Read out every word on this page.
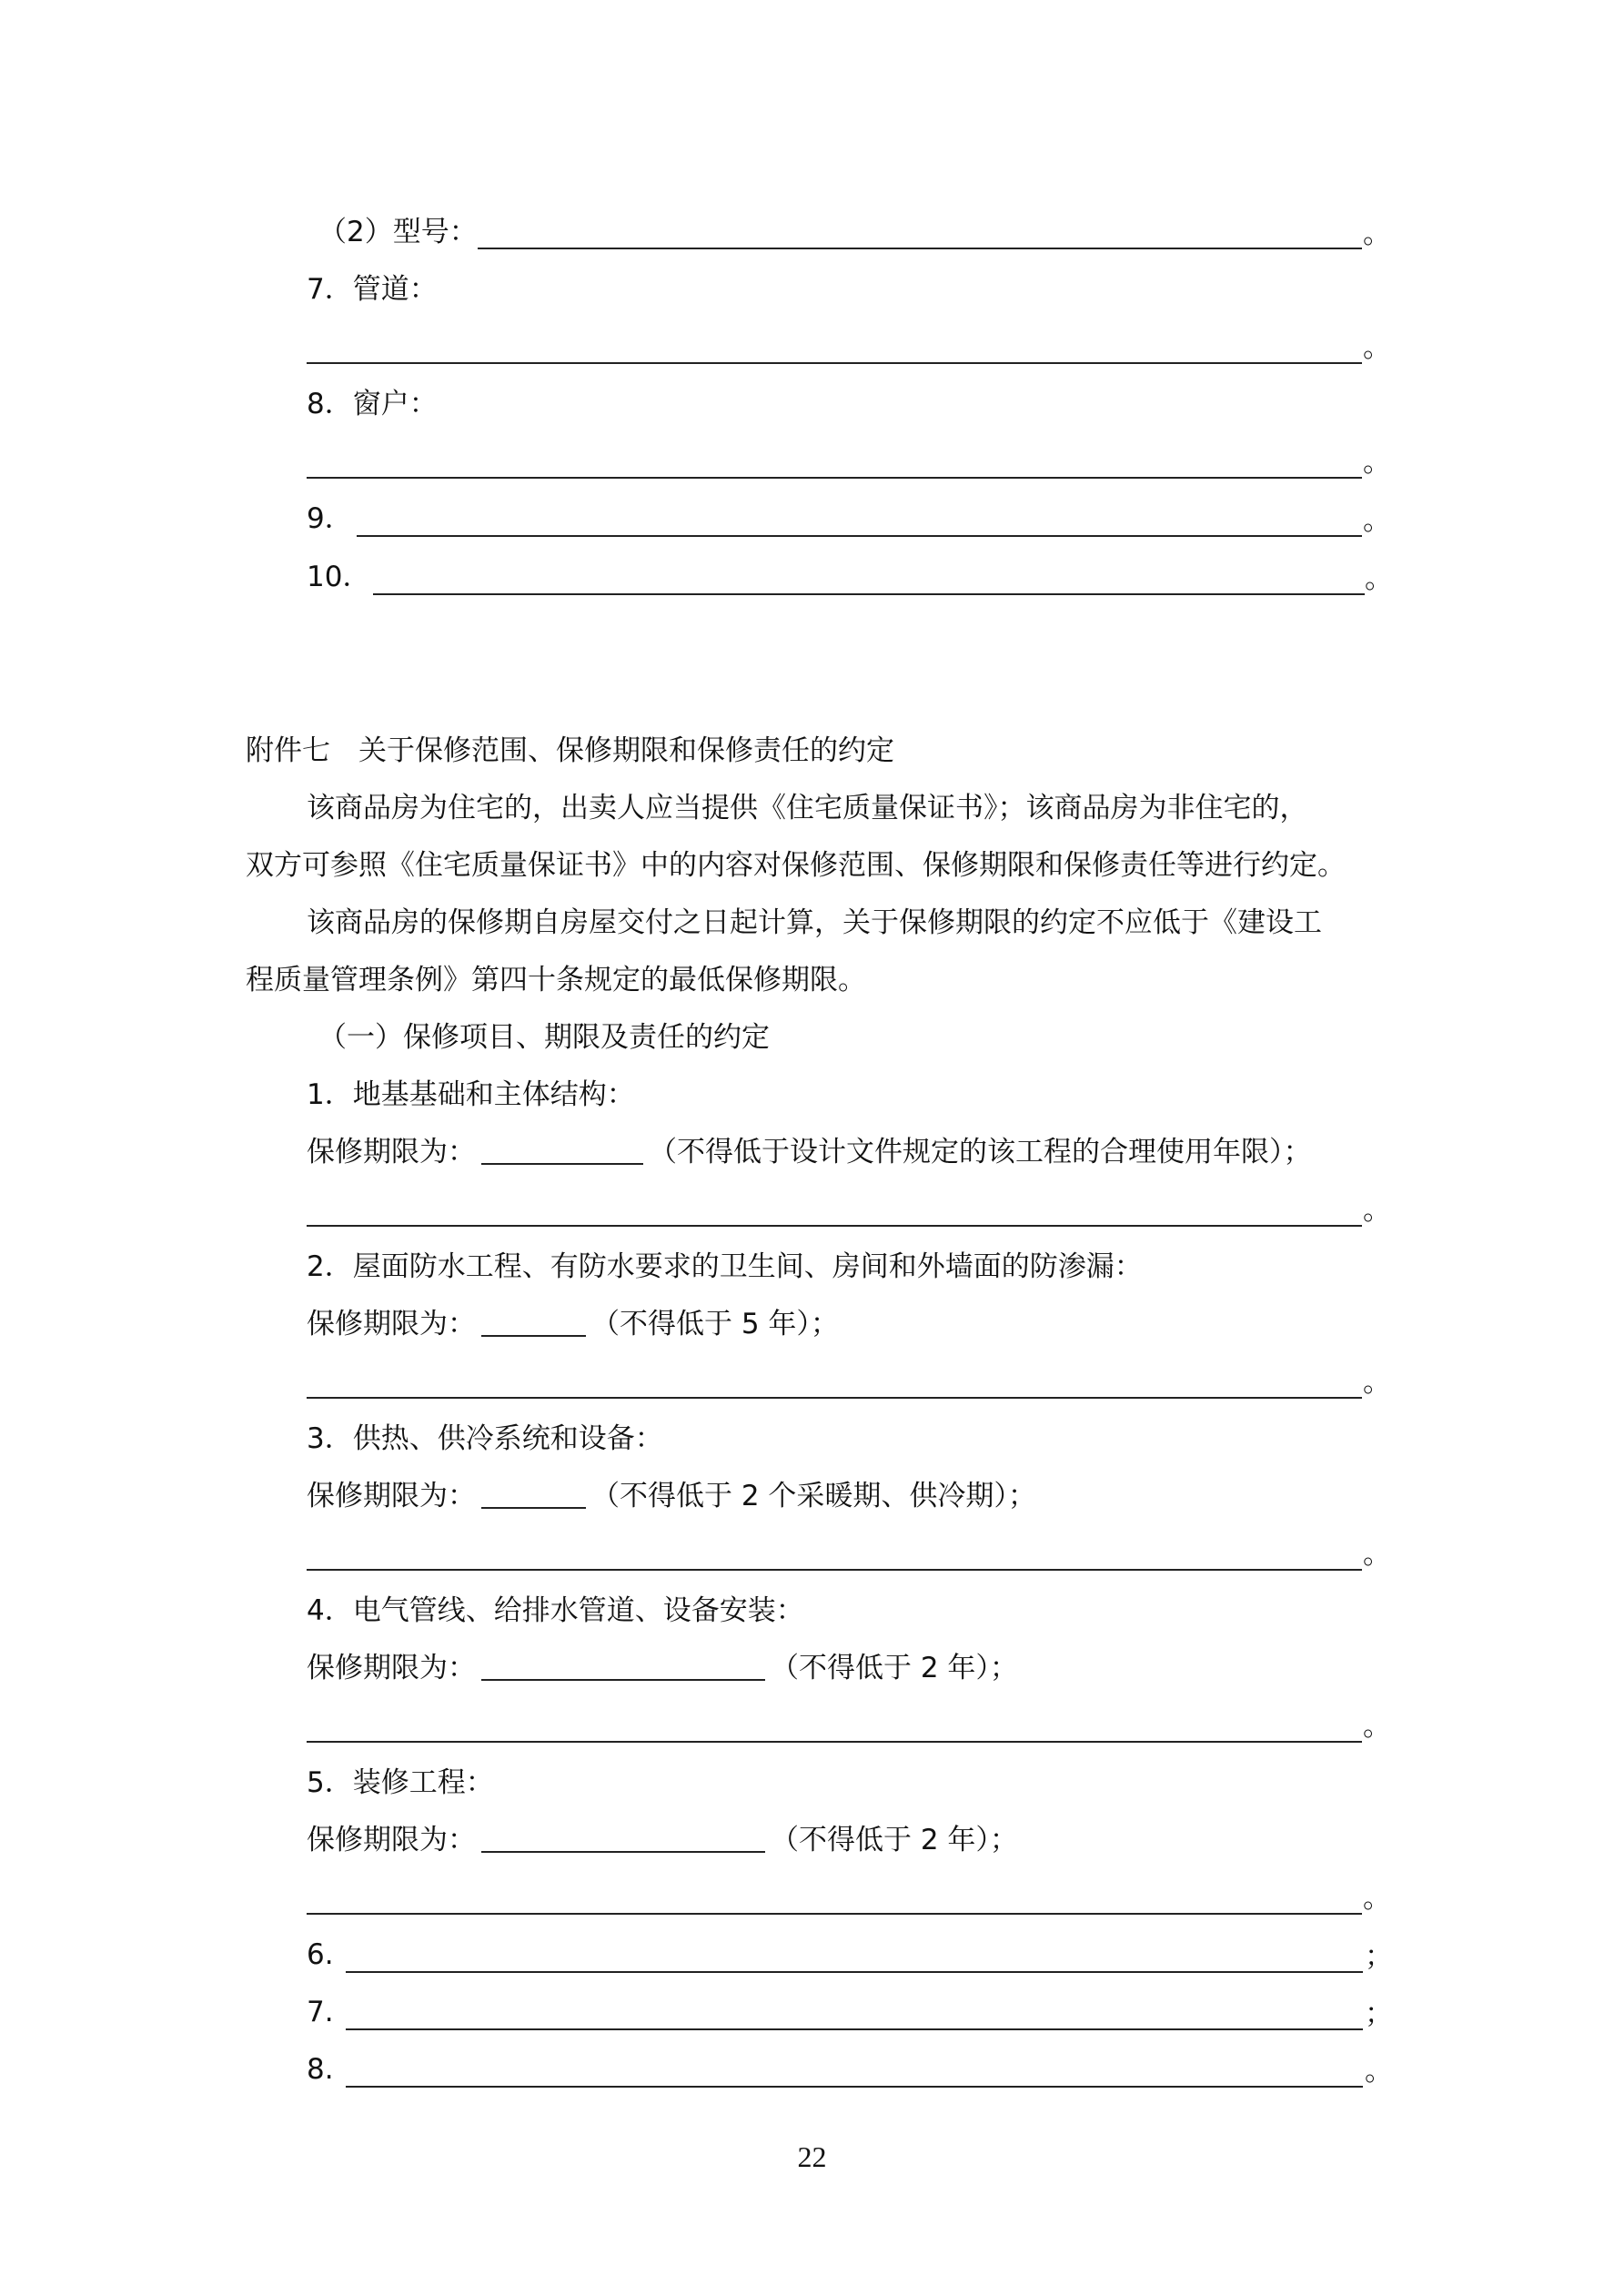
（2）型号：	。
7．管道：
。
8．窗户：
。
9．	。
10．	。
附件七　关于保修范围、保修期限和保修责任的约定
该商品房为住宅的，出卖人应当提供《住宅质量保证书》；该商品房为非住宅的，
双方可参照《住宅质量保证书》中的内容对保修范围、保修期限和保修责任等进行约定。
该商品房的保修期自房屋交付之日起计算，关于保修期限的约定不应低于《建设工
程质量管理条例》第四十条规定的最低保修期限。
（一）保修项目、期限及责任的约定
1．地基基础和主体结构：
保修期限为：	（不得低于设计文件规定的该工程的合理使用年限）；
。
2．屋面防水工程、有防水要求的卫生间、房间和外墙面的防渗漏：
保修期限为：	（不得低于 5 年）；
。
3．供热、供冷系统和设备：
保修期限为：	（不得低于 2 个采暖期、供冷期）；
。
4．电气管线、给排水管道、设备安装：
保修期限为：	（不得低于 2 年）；
。
5．装修工程：
保修期限为：	（不得低于 2 年）；
。
6.	；
7.	；
8.	。
22
